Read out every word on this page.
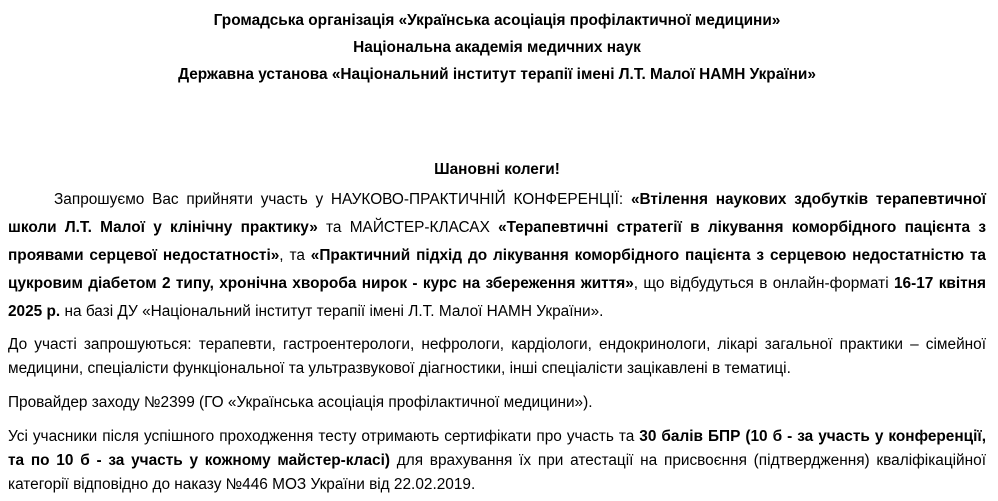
Громадська організація «Українська асоціація профілактичної медицини»

Національна академія медичних наук

Державна установа «Національний інститут терапії імені Л.Т. Малої НАМН України»

Шановні колеги!

Запрошуємо Вас прийняти участь у НАУКОВО-ПРАКТИЧНІЙ КОНФЕРЕНЦІЇ: «Втілення наукових здобутків терапевтичної школи Л.Т. Малої у клінічну практику» та МАЙСТЕР-КЛАСАХ «Терапевтичні стратегії в лікування коморбідного пацієнта з проявами серцевої недостатності», та «Практичний підхід до лікування коморбідного пацієнта з серцевою недостатністю та цукровим діабетом 2 типу, хронічна хвороба нирок - курс на збереження життя», що відбудуться в онлайн-форматі 16-17 квітня 2025 р. на базі ДУ «Національний інститут терапії імені Л.Т. Малої НАМН України».

До участі запрошуються: терапевти, гастроентерологи, нефрологи, кардіологи, ендокринологи, лікарі загальної практики – сімейної медицини, спеціалісти функціональної та ультразвукової діагностики, інші спеціалісти зацікавлені в тематиці.

Провайдер заходу №2399 (ГО «Українська асоціація профілактичної медицини»).

Усі учасники після успішного проходження тесту отримають сертифікати про участь та 30 балів БПР (10 б - за участь у конференції, та по 10 б - за участь у кожному майстер-класі) для врахування їх при атестації на присвоєння (підтвердження) кваліфікаційної категорії відповідно до наказу №446 МОЗ України від 22.02.2019.
